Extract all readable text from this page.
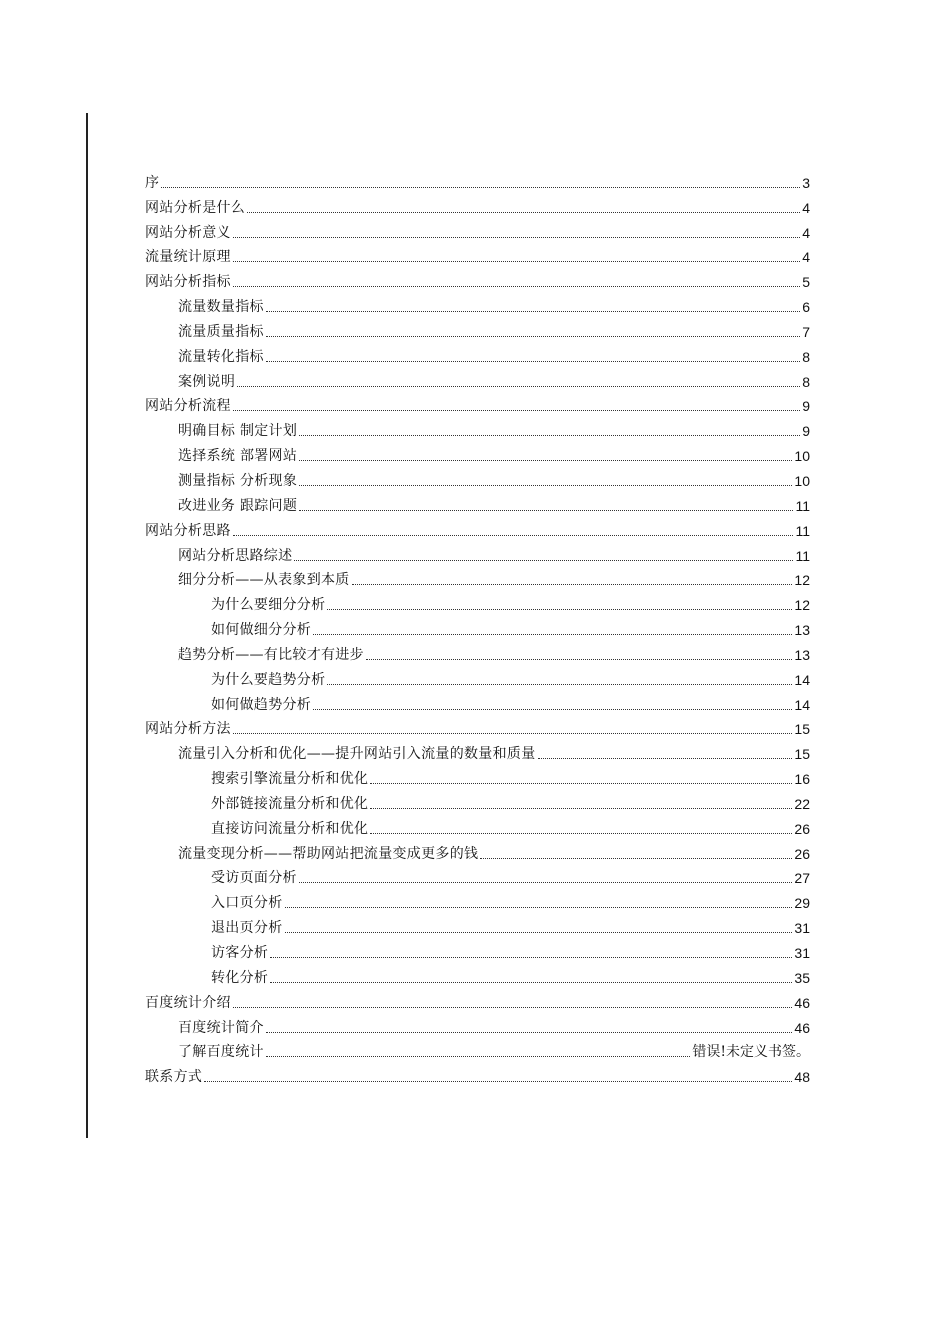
序	3
网站分析是什么	4
网站分析意义	4
流量统计原理	4
网站分析指标	5
流量数量指标	6
流量质量指标	7
流量转化指标	8
案例说明	8
网站分析流程	9
明确目标 制定计划	9
选择系统 部署网站	10
测量指标 分析现象	10
改进业务 跟踪问题	11
网站分析思路	11
网站分析思路综述	11
细分分析——从表象到本质	12
为什么要细分分析	12
如何做细分分析	13
趋势分析——有比较才有进步	13
为什么要趋势分析	14
如何做趋势分析	14
网站分析方法	15
流量引入分析和优化——提升网站引入流量的数量和质量	15
搜索引擎流量分析和优化	16
外部链接流量分析和优化	22
直接访问流量分析和优化	26
流量变现分析——帮助网站把流量变成更多的钱	26
受访页面分析	27
入口页分析	29
退出页分析	31
访客分析	31
转化分析	35
百度统计介绍	46
百度统计简介	46
了解百度统计	错误!未定义书签。
联系方式	48
